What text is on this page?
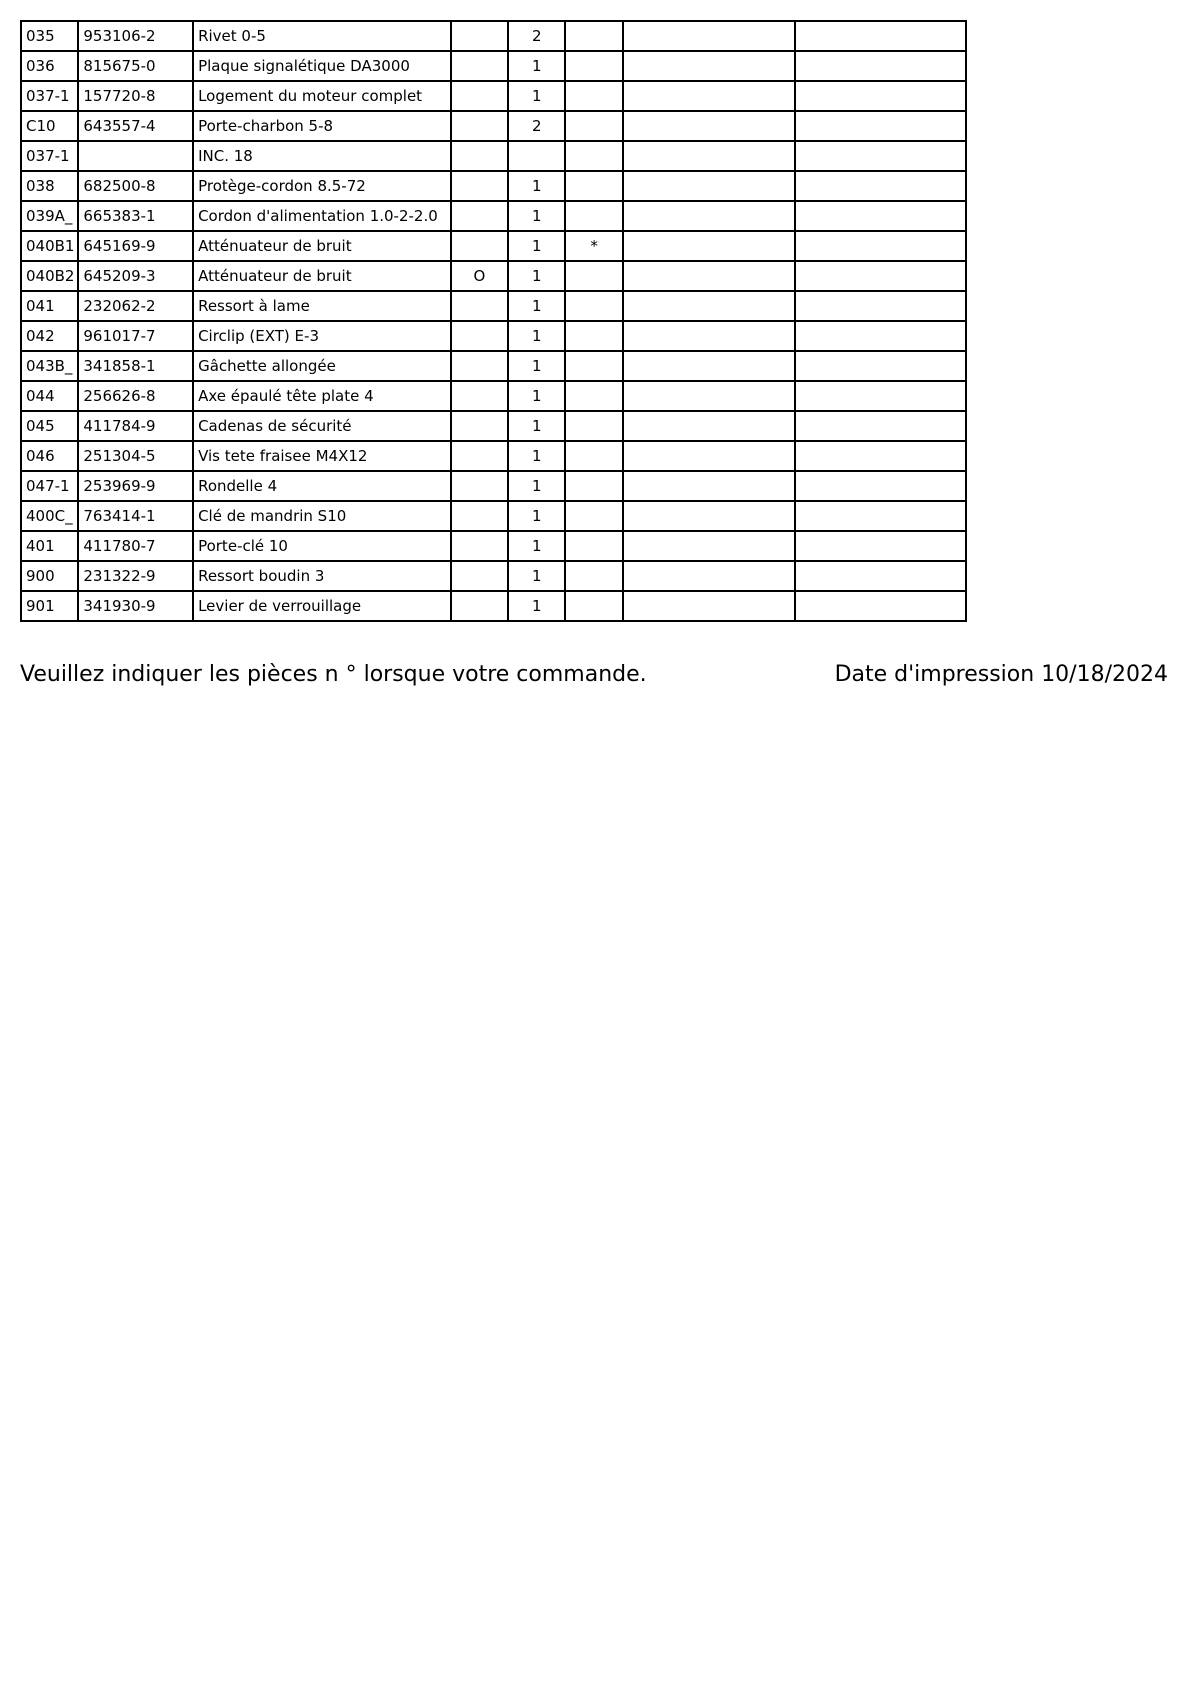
035	953106-2	Rivet 0-5		2			
036	815675-0	Plaque signalétique DA3000		1			
037-1	157720-8	Logement du moteur complet		1			
C10	643557-4	Porte-charbon 5-8		2			
037-1		INC. 18					
038	682500-8	Protège-cordon 8.5-72		1			
039A_	665383-1	Cordon d'alimentation 1.0-2-2.0		1			
040B1	645169-9	Atténuateur de bruit		1	*		
040B2	645209-3	Atténuateur de bruit	O	1			
041	232062-2	Ressort à lame		1			
042	961017-7	Circlip (EXT) E-3		1			
043B_	341858-1	Gâchette allongée		1			
044	256626-8	Axe épaulé tête plate 4		1			
045	411784-9	Cadenas de sécurité		1			
046	251304-5	Vis tete fraisee M4X12		1			
047-1	253969-9	Rondelle 4		1			
400C_	763414-1	Clé de mandrin S10		1			
401	411780-7	Porte-clé 10		1			
900	231322-9	Ressort boudin 3		1			
901	341930-9	Levier de verrouillage		1			
Veuillez indiquer les pièces n ° lorsque votre commande.	Date d'impression 10/18/2024
